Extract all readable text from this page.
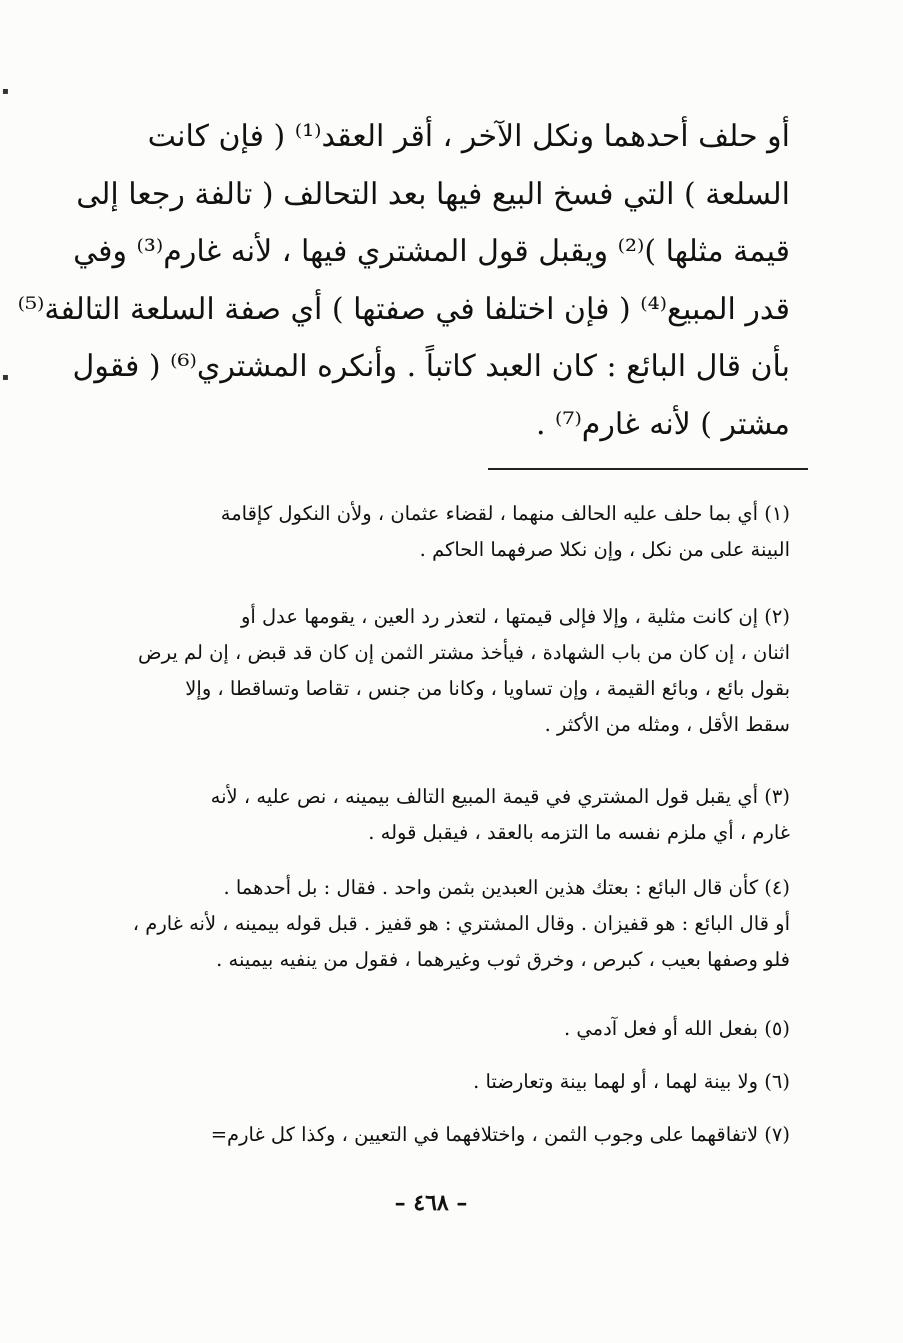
▪
▪
أو حلف أحدهما ونكل الآخر ، أقر العقد⁽¹⁾ ( فإن كانت
السلعة ) التي فسخ البيع فيها بعد التحالف ( تالفة رجعا إلى
قيمة مثلها )⁽²⁾ ويقبل قول المشتري فيها ، لأنه غارم⁽³⁾ وفي
قدر المبيع⁽⁴⁾ ( فإن اختلفا في صفتها ) أي صفة السلعة التالفة⁽⁵⁾
بأن قال البائع : كان العبد كاتباً . وأنكره المشتري⁽⁶⁾ ( فقول
مشتر ) لأنه غارم⁽⁷⁾ .
(١) أي بما حلف عليه الحالف منهما ، لقضاء عثمان ، ولأن النكول كإقامة
البينة على من نكل ، وإن نكلا صرفهما الحاكم .
(٢) إن كانت مثلية ، وإلا فإلى قيمتها ، لتعذر رد العين ، يقومها عدل أو
اثنان ، إن كان من باب الشهادة ، فيأخذ مشتر الثمن إن كان قد قبض ، إن لم يرض
بقول بائع ، وبائع القيمة ، وإن تساويا ، وكانا من جنس ، تقاصا وتساقطا ، وإلا
سقط الأقل ، ومثله من الأكثر .
(٣) أي يقبل قول المشتري في قيمة المبيع التالف بيمينه ، نص عليه ، لأنه
غارم ، أي ملزم نفسه ما التزمه بالعقد ، فيقبل قوله .
(٤) كأن قال البائع : بعتك هذين العبدين بثمن واحد . فقال : بل أحدهما .
أو قال البائع : هو قفيزان . وقال المشتري : هو قفيز . قبل قوله بيمينه ، لأنه غارم ،
فلو وصفها بعيب ، كبرص ، وخرق ثوب وغيرهما ، فقول من ينفيه بيمينه .
(٥) بفعل الله أو فعل آدمي .
(٦) ولا بينة لهما ، أو لهما بينة وتعارضتا .
(٧) لاتفاقهما على وجوب الثمن ، واختلافهما في التعيين ، وكذا كل غارم=
– ٤٦٨ –
